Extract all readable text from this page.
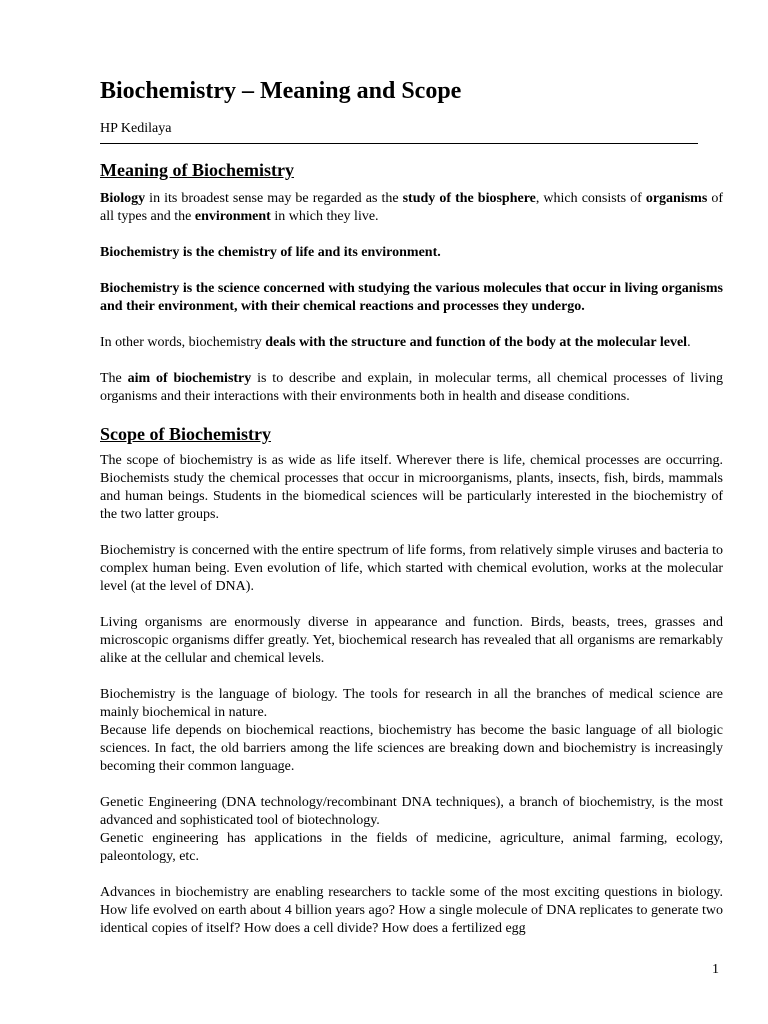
Biochemistry – Meaning and Scope

HP Kedilaya

Meaning of Biochemistry

Biology in its broadest sense may be regarded as the study of the biosphere, which consists of organisms of all types and the environment in which they live.

Biochemistry is the chemistry of life and its environment.

Biochemistry is the science concerned with studying the various molecules that occur in living organisms and their environment, with their chemical reactions and processes they undergo.

In other words, biochemistry deals with the structure and function of the body at the molecular level.

The aim of biochemistry is to describe and explain, in molecular terms, all chemical processes of living organisms and their interactions with their environments both in health and disease conditions.

Scope of Biochemistry

The scope of biochemistry is as wide as life itself. Wherever there is life, chemical processes are occurring. Biochemists study the chemical processes that occur in microorganisms, plants, insects, fish, birds, mammals and human beings. Students in the biomedical sciences will be particularly interested in the biochemistry of the two latter groups.

Biochemistry is concerned with the entire spectrum of life forms, from relatively simple viruses and bacteria to complex human being. Even evolution of life, which started with chemical evolution, works at the molecular level (at the level of DNA).

Living organisms are enormously diverse in appearance and function. Birds, beasts, trees, grasses and microscopic organisms differ greatly. Yet, biochemical research has revealed that all organisms are remarkably alike at the cellular and chemical levels.

Biochemistry is the language of biology. The tools for research in all the branches of medical science are mainly biochemical in nature.

Because life depends on biochemical reactions, biochemistry has become the basic language of all biologic sciences. In fact, the old barriers among the life sciences are breaking down and biochemistry is increasingly becoming their common language.

Genetic Engineering (DNA technology/recombinant DNA techniques), a branch of biochemistry, is the most advanced and sophisticated tool of biotechnology.

Genetic engineering has applications in the fields of medicine, agriculture, animal farming, ecology, paleontology, etc.

Advances in biochemistry are enabling researchers to tackle some of the most exciting questions in biology. How life evolved on earth about 4 billion years ago? How a single molecule of DNA replicates to generate two identical copies of itself? How does a cell divide? How does a fertilized egg

1
